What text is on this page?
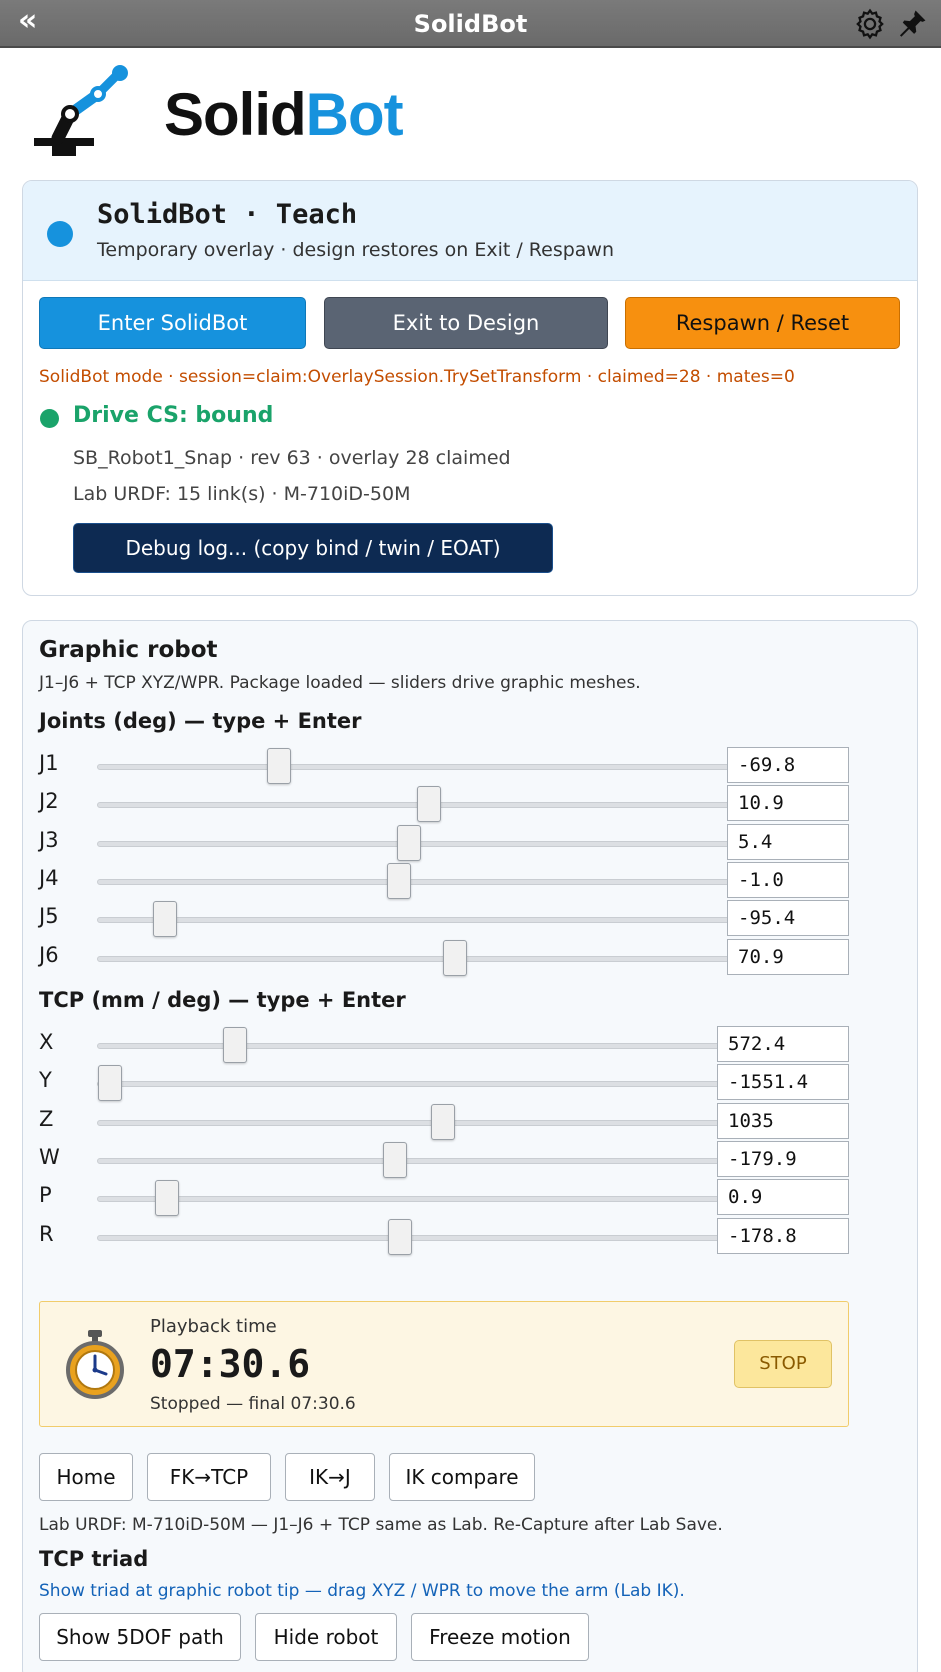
«	SolidBot
SolidBot
SolidBot · Teach
Temporary overlay · design restores on Exit / Respawn
Enter SolidBot	Exit to Design	Respawn / Reset
SolidBot mode · session=claim:OverlaySession.TrySetTransform · claimed=28 · mates=0
Drive CS: bound
SB_Robot1_Snap · rev 63 · overlay 28 claimed
Lab URDF: 15 link(s) · M-710iD-50M
Debug log... (copy bind / twin / EOAT)
Graphic robot
J1–J6 + TCP XYZ/WPR. Package loaded — sliders drive graphic meshes.
Joints (deg) — type + Enter
J1	-69.8
J2	10.9
J3	5.4
J4	-1.0
J5	-95.4
J6	70.9
TCP (mm / deg) — type + Enter
X	572.4
Y	-1551.4
Z	1035
W	-179.9
P	0.9
R	-178.8
Playback time
07:30.6
Stopped — final 07:30.6
STOP
Home	FK→TCP	IK→J	IK compare
Lab URDF: M-710iD-50M — J1–J6 + TCP same as Lab. Re-Capture after Lab Save.
TCP triad
Show triad at graphic robot tip — drag XYZ / WPR to move the arm (Lab IK).
Show 5DOF path	Hide robot	Freeze motion
